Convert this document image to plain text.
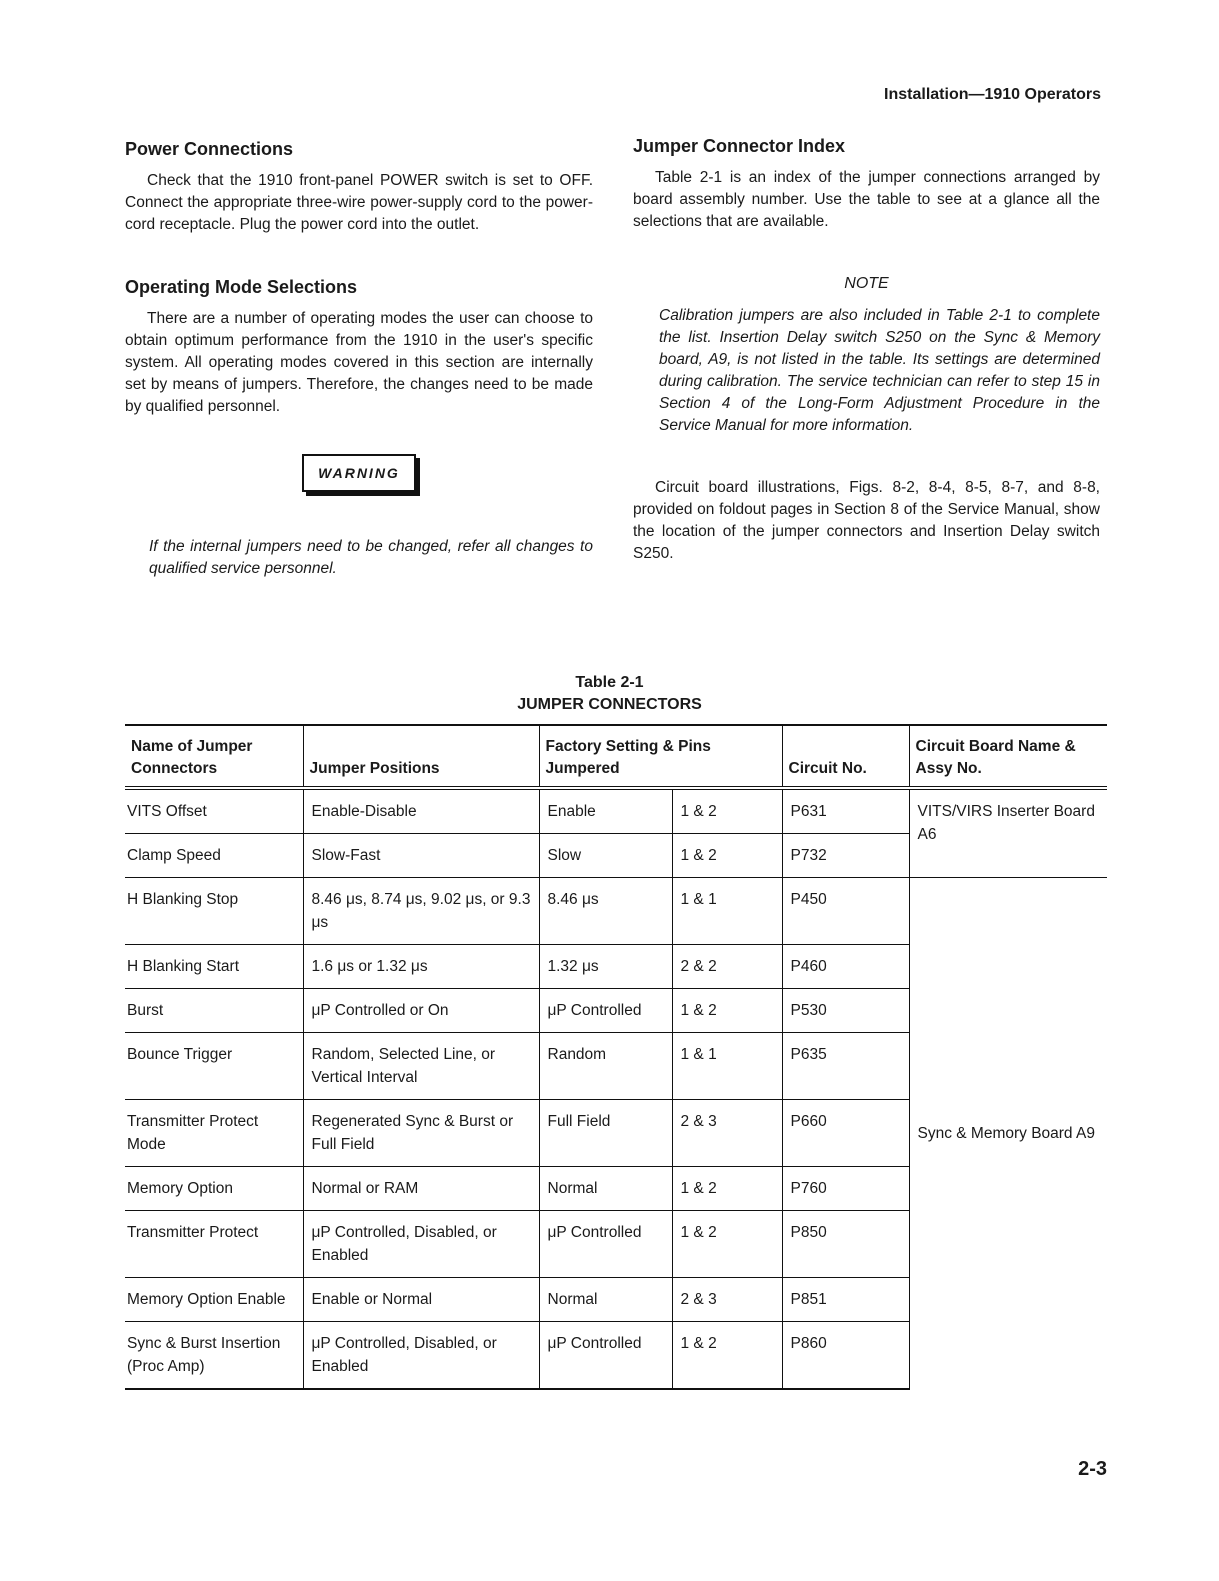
Installation—1910 Operators
Power Connections

Check that the 1910 front-panel POWER switch is set to OFF. Connect the appropriate three-wire power-supply cord to the power-cord receptacle. Plug the power cord into the outlet.

Operating Mode Selections

There are a number of operating modes the user can choose to obtain optimum performance from the 1910 in the user's specific system. All operating modes covered in this section are internally set by means of jumpers. Therefore, the changes need to be made by qualified personnel.

WARNING

If the internal jumpers need to be changed, refer all changes to qualified service personnel.

Jumper Connector Index

Table 2-1 is an index of the jumper connections arranged by board assembly number. Use the table to see at a glance all the selections that are available.

NOTE

Calibration jumpers are also included in Table 2-1 to complete the list. Insertion Delay switch S250 on the Sync & Memory board, A9, is not listed in the table. Its settings are determined during calibration. The service technician can refer to step 15 in Section 4 of the Long-Form Adjustment Procedure in the Service Manual for more information.

Circuit board illustrations, Figs. 8-2, 8-4, 8-5, 8-7, and 8-8, provided on foldout pages in Section 8 of the Service Manual, show the location of the jumper connectors and Insertion Delay switch S250.

Table 2-1
JUMPER CONNECTORS
Name of Jumper Connectors	Jumper Positions	Factory Setting & Pins Jumpered		Circuit No.	Circuit Board Name & Assy No.
VITS Offset	Enable-Disable	Enable	1 & 2	P631	VITS/VIRS Inserter Board A6
Clamp Speed	Slow-Fast	Slow	1 & 2	P732	
H Blanking Stop	8.46 μs, 8.74 μs, 9.02 μs, or 9.3 μs	8.46 μs	1 & 1	P450	Sync & Memory Board A9
H Blanking Start	1.6 μs or 1.32 μs	1.32 μs	2 & 2	P460	
Burst	μP Controlled or On	μP Controlled	1 & 2	P530	
Bounce Trigger	Random, Selected Line, or Vertical Interval	Random	1 & 1	P635	
Transmitter Protect Mode	Regenerated Sync & Burst or Full Field	Full Field	2 & 3	P660	
Memory Option	Normal or RAM	Normal	1 & 2	P760	
Transmitter Protect	μP Controlled, Disabled, or Enabled	μP Controlled	1 & 2	P850	
Memory Option Enable	Enable or Normal	Normal	2 & 3	P851	
Sync & Burst Insertion (Proc Amp)	μP Controlled, Disabled, or Enabled	μP Controlled	1 & 2	P860	
2-3
